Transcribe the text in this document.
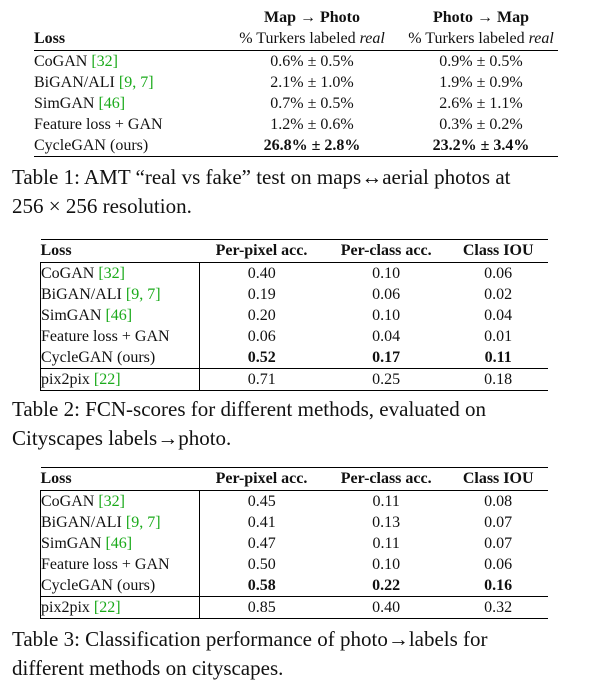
	Map → Photo	Photo → Map
Loss	% Turkers labeled real	% Turkers labeled real
CoGAN [32]	0.6% ± 0.5%	0.9% ± 0.5%
BiGAN/ALI [9, 7]	2.1% ± 1.0%	1.9% ± 0.9%
SimGAN [46]	0.7% ± 0.5%	2.6% ± 1.1%
Feature loss + GAN	1.2% ± 0.6%	0.3% ± 0.2%
CycleGAN (ours)	26.8% ± 2.8%	23.2% ± 3.4%
Table 1: AMT “real vs fake” test on maps↔aerial photos at
256 × 256 resolution.
Loss	Per-pixel acc.	Per-class acc.	Class IOU
CoGAN [32]	0.40	0.10	0.06
BiGAN/ALI [9, 7]	0.19	0.06	0.02
SimGAN [46]	0.20	0.10	0.04
Feature loss + GAN	0.06	0.04	0.01
CycleGAN (ours)	0.52	0.17	0.11
pix2pix [22]	0.71	0.25	0.18
Table 2: FCN-scores for different methods, evaluated on
Cityscapes labels→photo.
Loss	Per-pixel acc.	Per-class acc.	Class IOU
CoGAN [32]	0.45	0.11	0.08
BiGAN/ALI [9, 7]	0.41	0.13	0.07
SimGAN [46]	0.47	0.11	0.07
Feature loss + GAN	0.50	0.10	0.06
CycleGAN (ours)	0.58	0.22	0.16
pix2pix [22]	0.85	0.40	0.32
Table 3: Classification performance of photo→labels for
different methods on cityscapes.
